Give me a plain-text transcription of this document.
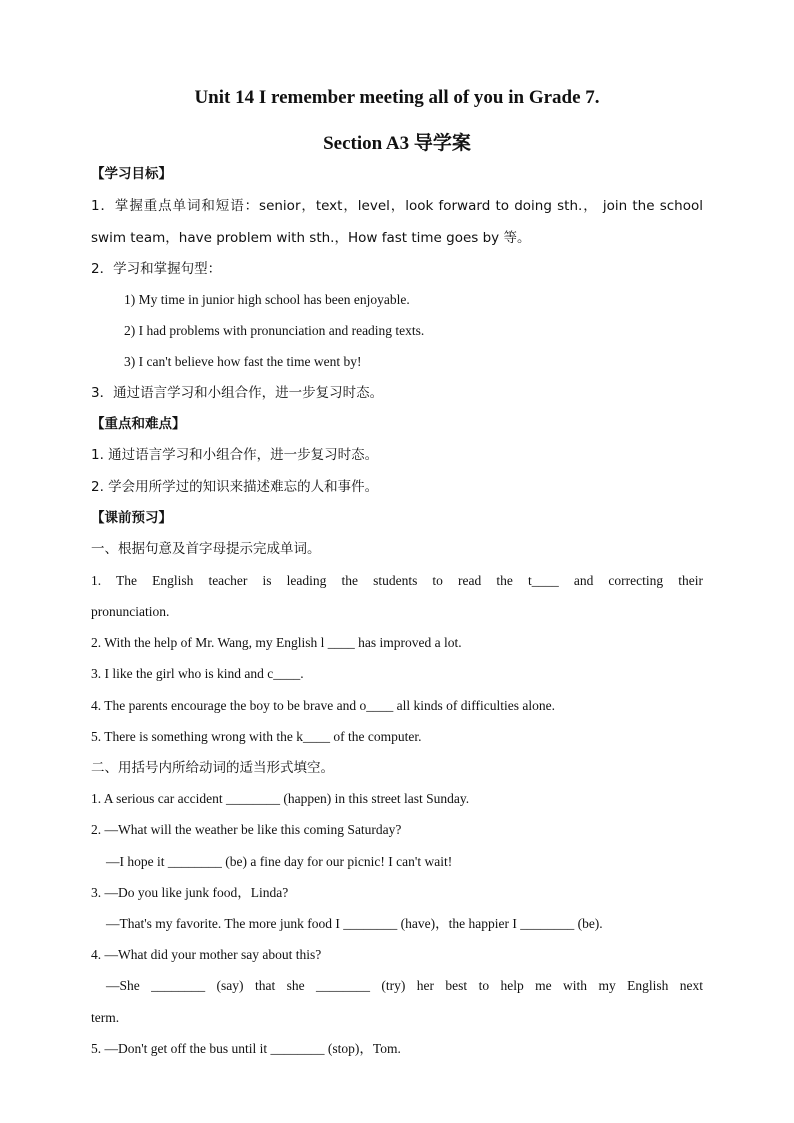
Unit 14 I remember meeting all of you in Grade 7.
Section A3 导学案
【学习目标】
1．掌握重点单词和短语：senior，text，level，look forward to doing sth.， join the school
swim team，have problem with sth.，How fast time goes by 等。
2．学习和掌握句型：
1) My time in junior high school has been enjoyable.
2) I had problems with pronunciation and reading texts.
3) I can't believe how fast the time went by!
3．通过语言学习和小组合作，进一步复习时态。
【重点和难点】
1. 通过语言学习和小组合作，进一步复习时态。
2. 学会用所学过的知识来描述难忘的人和事件。
【课前预习】
一、根据句意及首字母提示完成单词。
1. The English teacher is leading the students to read the t____ and correcting their
pronunciation.
2. With the help of Mr. Wang, my English l ____ has improved a lot.
3. I like the girl who is kind and c____.
4. The parents encourage the boy to be brave and o____ all kinds of difficulties alone.
5. There is something wrong with the k____ of the computer.
二、用括号内所给动词的适当形式填空。
1. A serious car accident ________ (happen) in this street last Sunday.
2. —What will the weather be like this coming Saturday?
—I hope it ________ (be) a fine day for our picnic! I can't wait!
3. —Do you like junk food，Linda?
—That's my favorite. The more junk food I ________ (have)，the happier I ________ (be).
4. —What did your mother say about this?
—She ________ (say) that she ________ (try) her best to help me with my English next
term.
5. —Don't get off the bus until it ________ (stop)，Tom.
